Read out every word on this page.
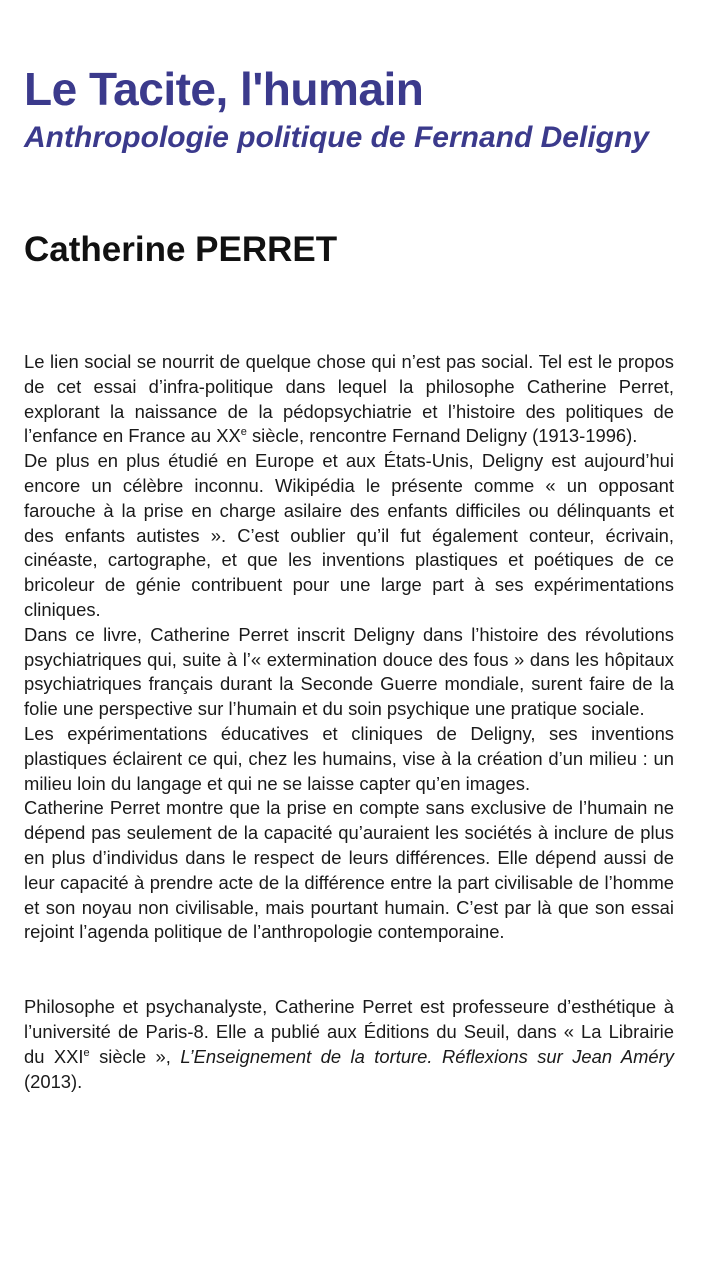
Le Tacite, l'humain
Anthropologie politique de Fernand Deligny
Catherine PERRET

Le lien social se nourrit de quelque chose qui n’est pas social. Tel est le propos de cet essai d’infra-politique dans lequel la philosophe Catherine Perret, explorant la naissance de la pédopsychiatrie et l’histoire des politiques de l’enfance en France au XXe siècle, rencontre Fernand Deligny (1913-1996).

De plus en plus étudié en Europe et aux États-Unis, Deligny est aujourd’hui encore un célèbre inconnu. Wikipédia le présente comme « un opposant farouche à la prise en charge asilaire des enfants difficiles ou délinquants et des enfants autistes ». C’est oublier qu’il fut également conteur, écrivain, cinéaste, cartographe, et que les inventions plastiques et poétiques de ce bricoleur de génie contribuent pour une large part à ses expérimentations cliniques.

Dans ce livre, Catherine Perret inscrit Deligny dans l’histoire des révolutions psychiatriques qui, suite à l’« extermination douce des fous » dans les hôpitaux psychiatriques français durant la Seconde Guerre mondiale, surent faire de la folie une perspective sur l’humain et du soin psychique une pratique sociale.

Les expérimentations éducatives et cliniques de Deligny, ses inventions plastiques éclairent ce qui, chez les humains, vise à la création d’un milieu : un milieu loin du langage et qui ne se laisse capter qu’en images.

Catherine Perret montre que la prise en compte sans exclusive de l’humain ne dépend pas seulement de la capacité qu’auraient les sociétés à inclure de plus en plus d’individus dans le respect de leurs différences. Elle dépend aussi de leur capacité à prendre acte de la différence entre la part civilisable de l’homme et son noyau non civilisable, mais pourtant humain. C’est par là que son essai rejoint l’agenda politique de l’anthropologie contemporaine.

Philosophe et psychanalyste, Catherine Perret est professeure d’esthétique à l’université de Paris-8. Elle a publié aux Éditions du Seuil, dans « La Librairie du XXIe siècle », L’Enseignement de la torture. Réflexions sur Jean Améry (2013).
